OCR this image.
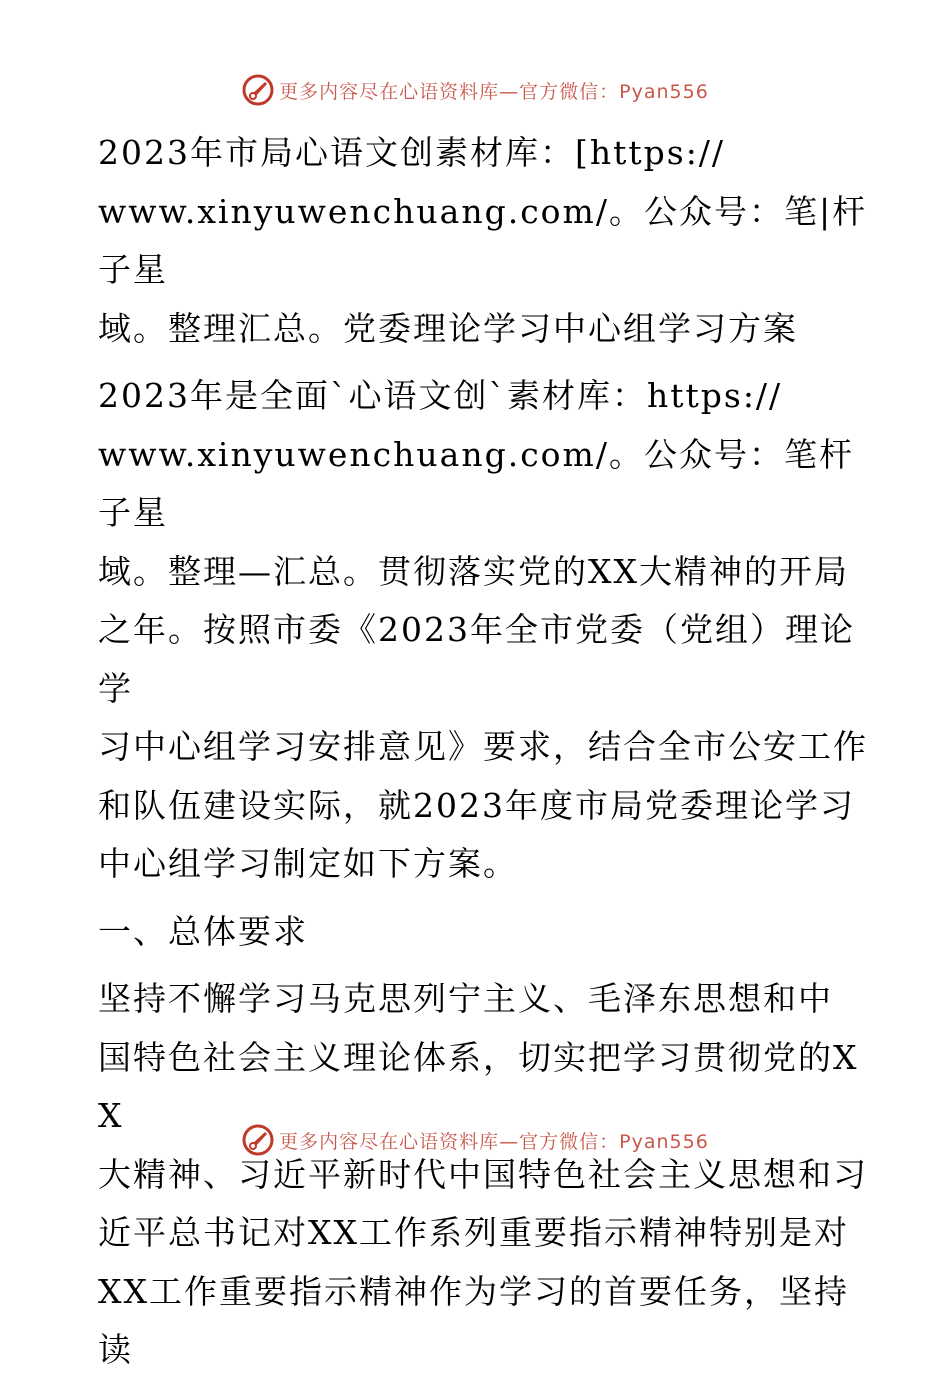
更多内容尽在心语资料库—官方微信：Pyan556
2023年市局心语文创素材库：[https://
www.xinyuwenchuang.com/。公众号：笔|杆子星
域。整理汇总。党委理论学习中心组学习方案
2023年是全面`心语文创`素材库：https://
www.xinyuwenchuang.com/。公众号：笔杆子星
域。整理—汇总。贯彻落实党的XX大精神的开局
之年。按照市委《2023年全市党委（党组）理论学
习中心组学习安排意见》要求，结合全市公安工作
和队伍建设实际，就2023年度市局党委理论学习
中心组学习制定如下方案。
一、总体要求
坚持不懈学习马克思列宁主义、毛泽东思想和中
国特色社会主义理论体系，切实把学习贯彻党的XX
大精神、习近平新时代中国特色社会主义思想和习
近平总书记对XX工作系列重要指示精神特别是对
XX工作重要指示精神作为学习的首要任务，坚持读
更多内容尽在心语资料库—官方微信：Pyan556
